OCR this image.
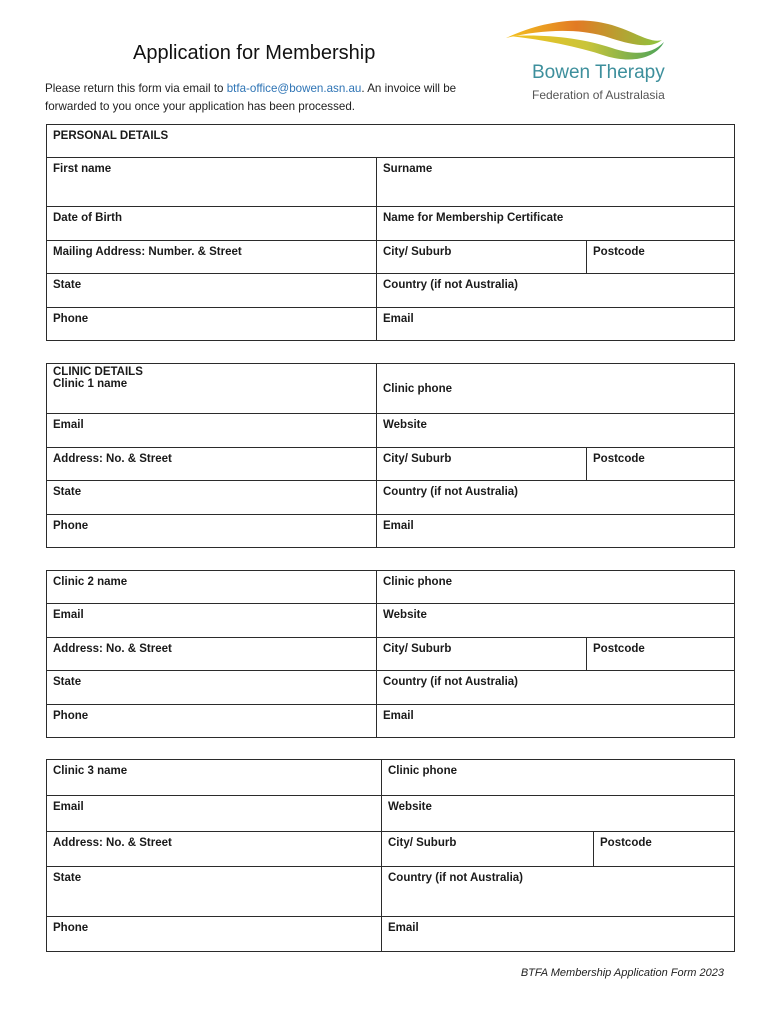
Application for Membership
Please return this form via email to btfa-office@bowen.asn.au. An invoice will be forwarded to you once your application has been processed.
Bowen Therapy
Federation of Australasia
PERSONAL DETAILS		
First name	Surname	
Date of Birth	Name for Membership Certificate	
Mailing Address: Number. & Street	City/ Suburb	Postcode
State	Country (if not Australia)	
Phone	Email	
CLINIC DETAILS
Clinic 1 name	Clinic phone	
Email	Website	
Address: No. & Street	City/ Suburb	Postcode
State	Country (if not Australia)	
Phone	Email	
Clinic 2 name	Clinic phone	
Email	Website	
Address: No. & Street	City/ Suburb	Postcode
State	Country (if not Australia)	
Phone	Email	
Clinic 3 name	Clinic phone	
Email	Website	
Address: No. & Street	City/ Suburb	Postcode
State	Country (if not Australia)	
Phone	Email	
BTFA Membership Application Form 2023
